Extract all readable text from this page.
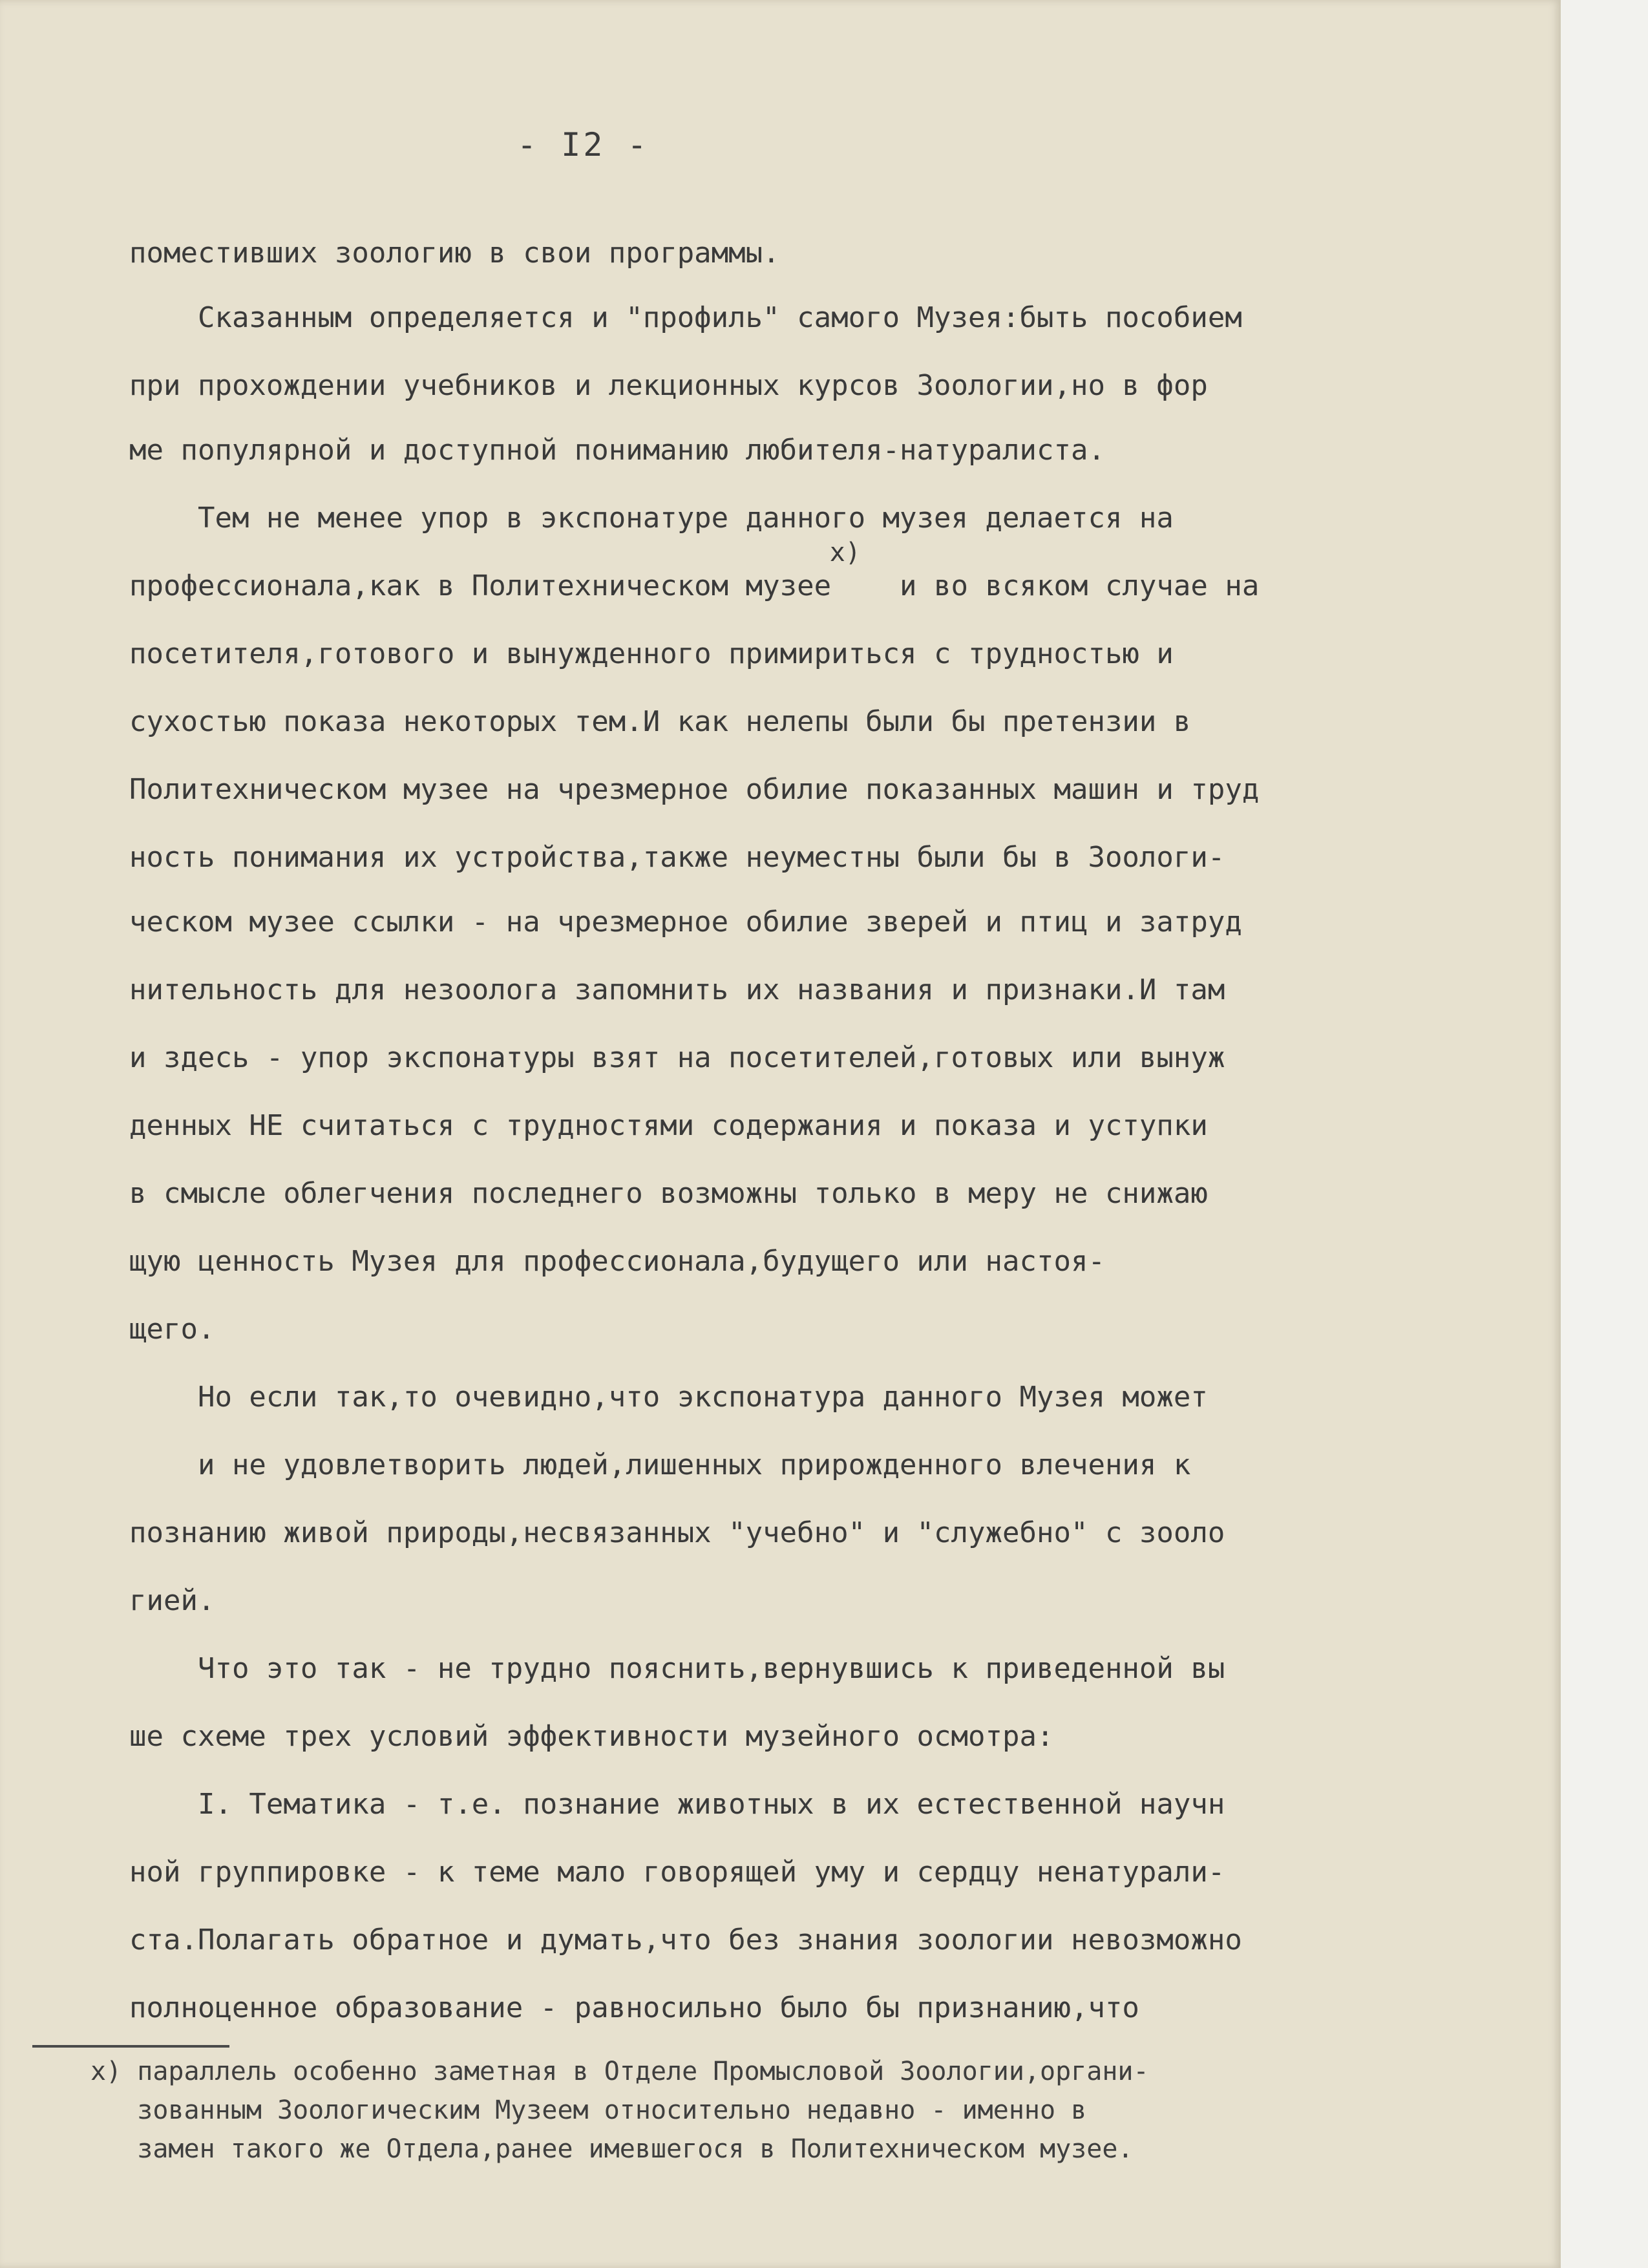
- I2 -
поместивших зоологию в свои программы.
Сказанным определяется и "профиль" самого Музея:быть пособием
при прохождении учебников и лекционных курсов Зоологии,но в фор
ме популярной и доступной пониманию любителя-натуралиста.
Тем не менее упор в экспонатуре данного музея делается на
х)
профессионала,как в Политехническом музее    и во всяком случае на
посетителя,готового и вынужденного примириться с трудностью и
сухостью показа некоторых тем.И как нелепы были бы претензии в
Политехническом музее на чрезмерное обилие показанных машин и труд
ность понимания их устройства,также неуместны были бы в Зоологи-
ческом музее ссылки - на чрезмерное обилие зверей и птиц и затруд
нительность для незоолога запомнить их названия и признаки.И там
и здесь - упор экспонатуры взят на посетителей,готовых или вынуж
денных НЕ считаться с трудностями содержания и показа и уступки
в смысле облегчения последнего возможны только в меру не снижаю
щую ценность Музея для профессионала,будущего или настоя-
щего.
Но если так,то очевидно,что экспонатура данного Музея может
и не удовлетворить людей,лишенных прирожденного влечения к
познанию живой природы,несвязанных "учебно" и "служебно" с зооло
гией.
Что это так - не трудно пояснить,вернувшись к приведенной вы
ше схеме трех условий эффективности музейного осмотра:
I. Тематика - т.е. познание животных в их естественной научн
ной группировке - к теме мало говорящей уму и сердцу ненатурали-
ста.Полагать обратное и думать,что без знания зоологии невозможно
полноценное образование - равносильно было бы признанию,что
х) параллель особенно заметная в Отделе Промысловой Зоологии,органи-
зованным Зоологическим Музеем относительно недавно - именно в
замен такого же Отдела,ранее имевшегося в Политехническом музее.
